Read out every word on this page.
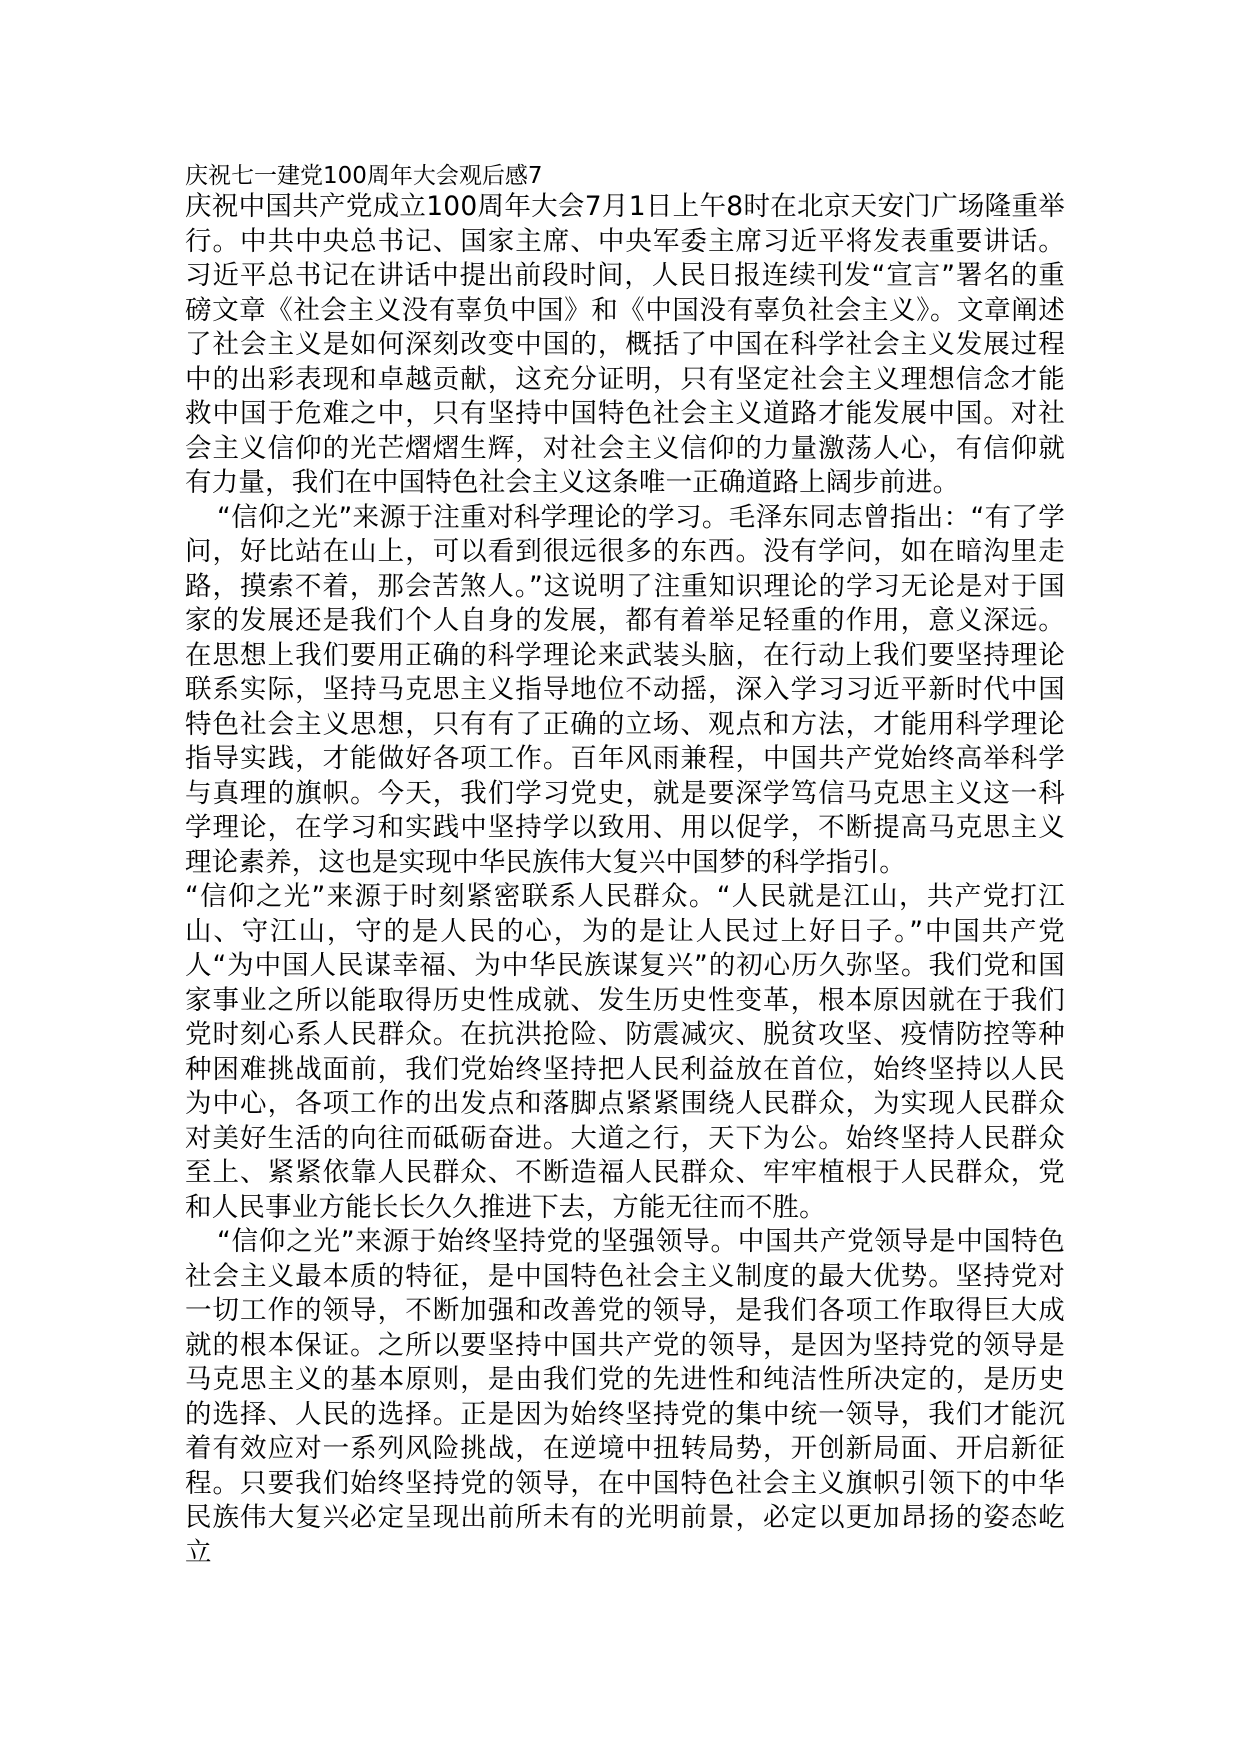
庆祝七一建党100周年大会观后感7

庆祝中国共产党成立100周年大会7月1日上午8时在北京天安门广场隆重举行。中共中央总书记、国家主席、中央军委主席习近平将发表重要讲话。习近平总书记在讲话中提出前段时间，人民日报连续刊发“宣言”署名的重磅文章《社会主义没有辜负中国》和《中国没有辜负社会主义》。文章阐述了社会主义是如何深刻改变中国的，概括了中国在科学社会主义发展过程中的出彩表现和卓越贡献，这充分证明，只有坚定社会主义理想信念才能救中国于危难之中，只有坚持中国特色社会主义道路才能发展中国。对社会主义信仰的光芒熠熠生辉，对社会主义信仰的力量激荡人心，有信仰就有力量，我们在中国特色社会主义这条唯一正确道路上阔步前进。

“信仰之光”来源于注重对科学理论的学习。毛泽东同志曾指出：“有了学问，好比站在山上，可以看到很远很多的东西。没有学问，如在暗沟里走路，摸索不着，那会苦煞人。”这说明了注重知识理论的学习无论是对于国家的发展还是我们个人自身的发展，都有着举足轻重的作用，意义深远。在思想上我们要用正确的科学理论来武装头脑，在行动上我们要坚持理论联系实际，坚持马克思主义指导地位不动摇，深入学习习近平新时代中国特色社会主义思想，只有有了正确的立场、观点和方法，才能用科学理论指导实践，才能做好各项工作。百年风雨兼程，中国共产党始终高举科学与真理的旗帜。今天，我们学习党史，就是要深学笃信马克思主义这一科学理论，在学习和实践中坚持学以致用、用以促学，不断提高马克思主义理论素养，这也是实现中华民族伟大复兴中国梦的科学指引。

“信仰之光”来源于时刻紧密联系人民群众。“人民就是江山，共产党打江山、守江山，守的是人民的心，为的是让人民过上好日子。”中国共产党人“为中国人民谋幸福、为中华民族谋复兴”的初心历久弥坚。我们党和国家事业之所以能取得历史性成就、发生历史性变革，根本原因就在于我们党时刻心系人民群众。在抗洪抢险、防震减灾、脱贫攻坚、疫情防控等种种困难挑战面前，我们党始终坚持把人民利益放在首位，始终坚持以人民为中心，各项工作的出发点和落脚点紧紧围绕人民群众，为实现人民群众对美好生活的向往而砥砺奋进。大道之行，天下为公。始终坚持人民群众至上、紧紧依靠人民群众、不断造福人民群众、牢牢植根于人民群众，党和人民事业方能长长久久推进下去，方能无往而不胜。

“信仰之光”来源于始终坚持党的坚强领导。中国共产党领导是中国特色社会主义最本质的特征，是中国特色社会主义制度的最大优势。坚持党对一切工作的领导，不断加强和改善党的领导，是我们各项工作取得巨大成就的根本保证。之所以要坚持中国共产党的领导，是因为坚持党的领导是马克思主义的基本原则，是由我们党的先进性和纯洁性所决定的，是历史的选择、人民的选择。正是因为始终坚持党的集中统一领导，我们才能沉着有效应对一系列风险挑战，在逆境中扭转局势，开创新局面、开启新征程。只要我们始终坚持党的领导，在中国特色社会主义旗帜引领下的中华民族伟大复兴必定呈现出前所未有的光明前景，必定以更加昂扬的姿态屹立
